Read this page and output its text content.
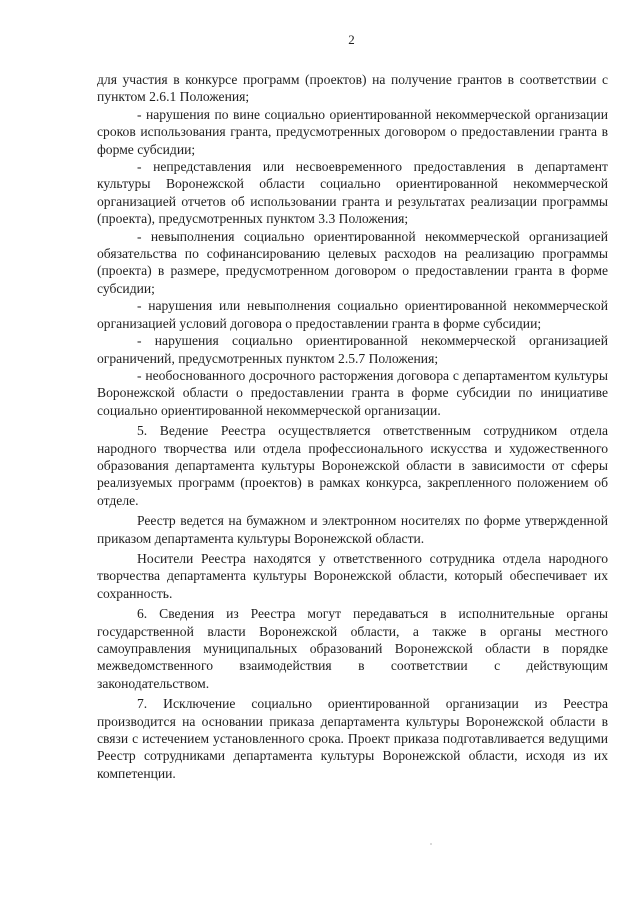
2

для участия в конкурсе программ (проектов) на получение грантов в соответствии с пунктом 2.6.1 Положения;

- нарушения по вине социально ориентированной некоммерческой организации сроков использования гранта, предусмотренных договором о предоставлении гранта в форме субсидии;

- непредставления или несвоевременного предоставления в департамент культуры Воронежской области социально ориентированной некоммерческой организацией отчетов об использовании гранта и результатах реализации программы (проекта), предусмотренных пунктом 3.3 Положения;

- невыполнения социально ориентированной некоммерческой организацией обязательства по софинансированию целевых расходов на реализацию программы (проекта) в размере, предусмотренном договором о предоставлении гранта в форме субсидии;

- нарушения или невыполнения социально ориентированной некоммерческой организацией условий договора о предоставлении гранта в форме субсидии;

- нарушения социально ориентированной некоммерческой организацией ограничений, предусмотренных пунктом 2.5.7 Положения;

- необоснованного досрочного расторжения договора с департаментом культуры Воронежской области о предоставлении гранта в форме субсидии по инициативе социально ориентированной некоммерческой организации.

5. Ведение Реестра осуществляется ответственным сотрудником отдела народного творчества или отдела профессионального искусства и художественного образования департамента культуры Воронежской области в зависимости от сферы реализуемых программ (проектов) в рамках конкурса, закрепленного положением об отделе.

Реестр ведется на бумажном и электронном носителях по форме утвержденной приказом департамента культуры Воронежской области.

Носители Реестра находятся у ответственного сотрудника отдела народного творчества департамента культуры Воронежской области, который обеспечивает их сохранность.

6. Сведения из Реестра могут передаваться в исполнительные органы государственной власти Воронежской области, а также в органы местного самоуправления муниципальных образований Воронежской области в порядке межведомственного взаимодействия в соответствии с действующим законодательством.

7. Исключение социально ориентированной организации из Реестра производится на основании приказа департамента культуры Воронежской области в связи с истечением установленного срока. Проект приказа подготавливается ведущими Реестр сотрудниками департамента культуры Воронежской области, исходя из их компетенции.
